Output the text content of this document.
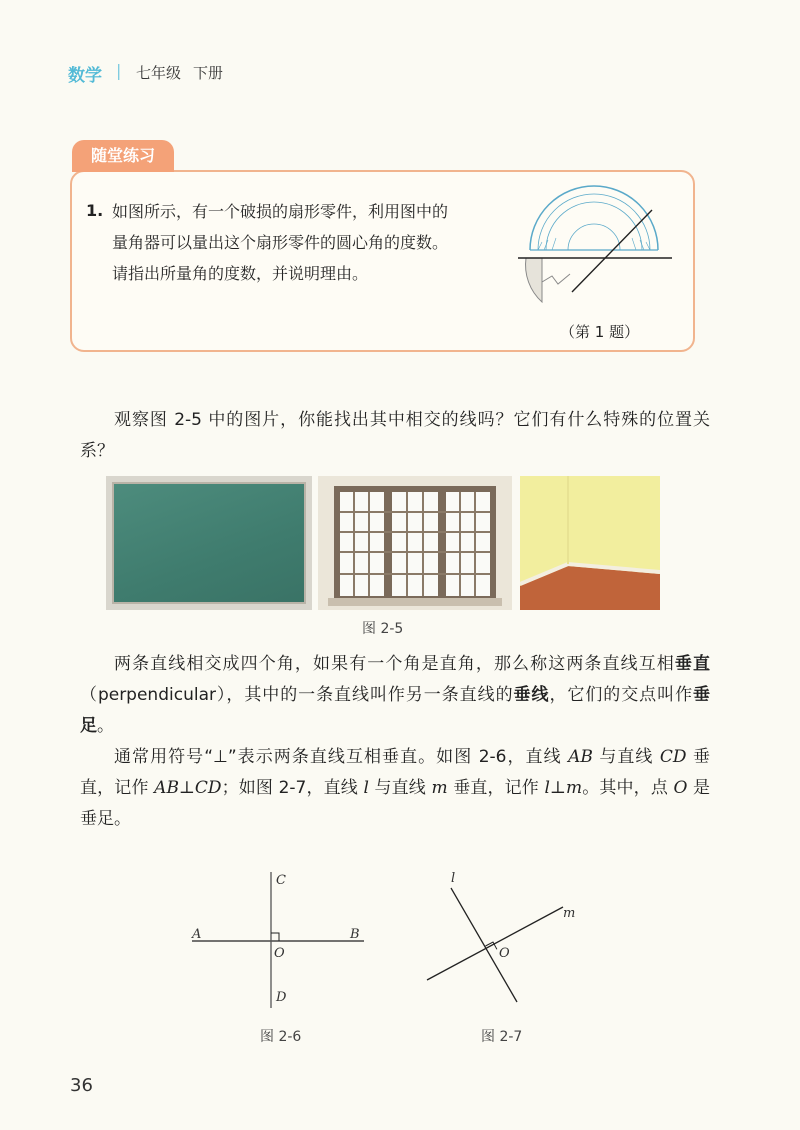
数学 | 七年级 下册
随堂练习
1. 如图所示，有一个破损的扇形零件，利用图中的
量角器可以量出这个扇形零件的圆心角的度数。
请指出所量角的度数，并说明理由。
（第 1 题）
观察图 2-5 中的图片，你能找出其中相交的线吗？它们有什么特殊的位置关系？
图 2-5
两条直线相交成四个角，如果有一个角是直角，那么称这两条直线互相垂直（perpendicular），其中的一条直线叫作另一条直线的垂线，它们的交点叫作垂足。
通常用符号“⊥”表示两条直线互相垂直。如图 2-6，直线 AB 与直线 CD 垂直，记作 AB⊥CD；如图 2-7，直线 l 与直线 m 垂直，记作 l⊥m。其中，点 O 是垂足。
A	B
C
D
O
图 2-6
l
m
O
图 2-7
36
